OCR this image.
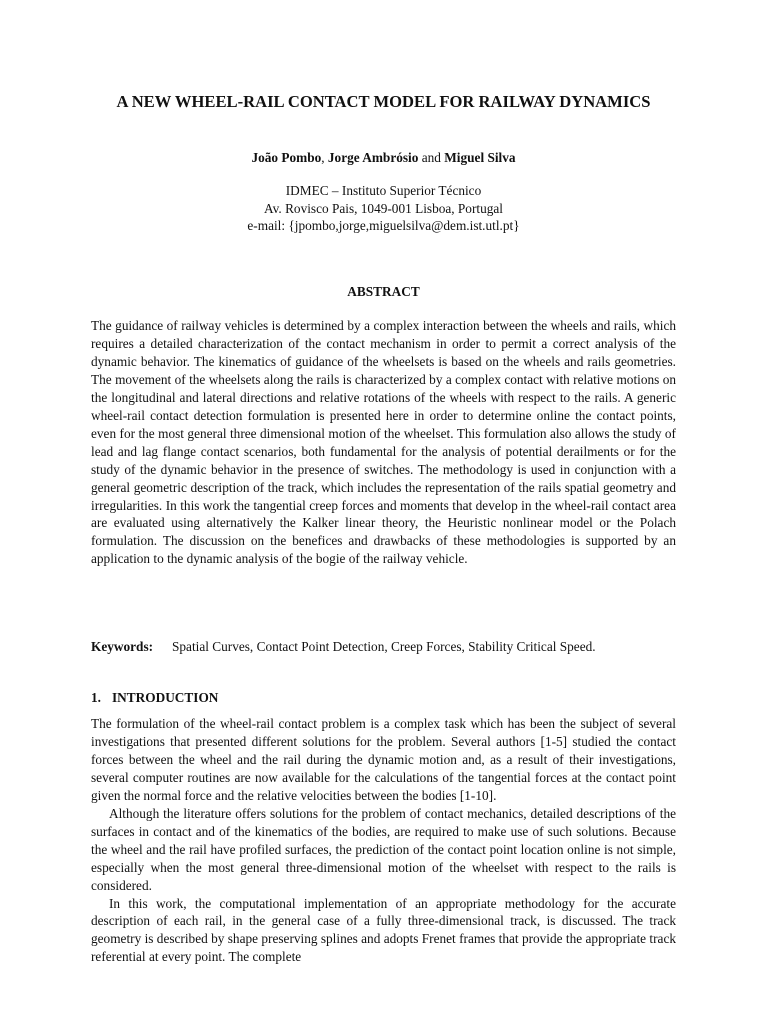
A NEW WHEEL-RAIL CONTACT MODEL FOR RAILWAY DYNAMICS

João Pombo, Jorge Ambrósio and Miguel Silva

IDMEC – Instituto Superior Técnico
Av. Rovisco Pais, 1049-001 Lisboa, Portugal
e-mail: {jpombo,jorge,miguelsilva@dem.ist.utl.pt}
ABSTRACT

The guidance of railway vehicles is determined by a complex interaction between the wheels and rails, which requires a detailed characterization of the contact mechanism in order to permit a correct analysis of the dynamic behavior. The kinematics of guidance of the wheelsets is based on the wheels and rails geometries. The movement of the wheelsets along the rails is characterized by a complex contact with relative motions on the longitudinal and lateral directions and relative rotations of the wheels with respect to the rails. A generic wheel-rail contact detection formulation is presented here in order to determine online the contact points, even for the most general three dimensional motion of the wheelset. This formulation also allows the study of lead and lag flange contact scenarios, both fundamental for the analysis of potential derailments or for the study of the dynamic behavior in the presence of switches. The methodology is used in conjunction with a general geometric description of the track, which includes the representation of the rails spatial geometry and irregularities. In this work the tangential creep forces and moments that develop in the wheel-rail contact area are evaluated using alternatively the Kalker linear theory, the Heuristic nonlinear model or the Polach formulation. The discussion on the benefices and drawbacks of these methodologies is supported by an application to the dynamic analysis of the bogie of the railway vehicle.

Keywords:	Spatial Curves, Contact Point Detection, Creep Forces, Stability Critical Speed.
1. INTRODUCTION

The formulation of the wheel-rail contact problem is a complex task which has been the subject of several investigations that presented different solutions for the problem. Several authors [1-5] studied the contact forces between the wheel and the rail during the dynamic motion and, as a result of their investigations, several computer routines are now available for the calculations of the tangential forces at the contact point given the normal force and the relative velocities between the bodies [1-10].

Although the literature offers solutions for the problem of contact mechanics, detailed descriptions of the surfaces in contact and of the kinematics of the bodies, are required to make use of such solutions. Because the wheel and the rail have profiled surfaces, the prediction of the contact point location online is not simple, especially when the most general three-dimensional motion of the wheelset with respect to the rails is considered.

In this work, the computational implementation of an appropriate methodology for the accurate description of each rail, in the general case of a fully three-dimensional track, is discussed. The track geometry is described by shape preserving splines and adopts Frenet frames that provide the appropriate track referential at every point. The complete
